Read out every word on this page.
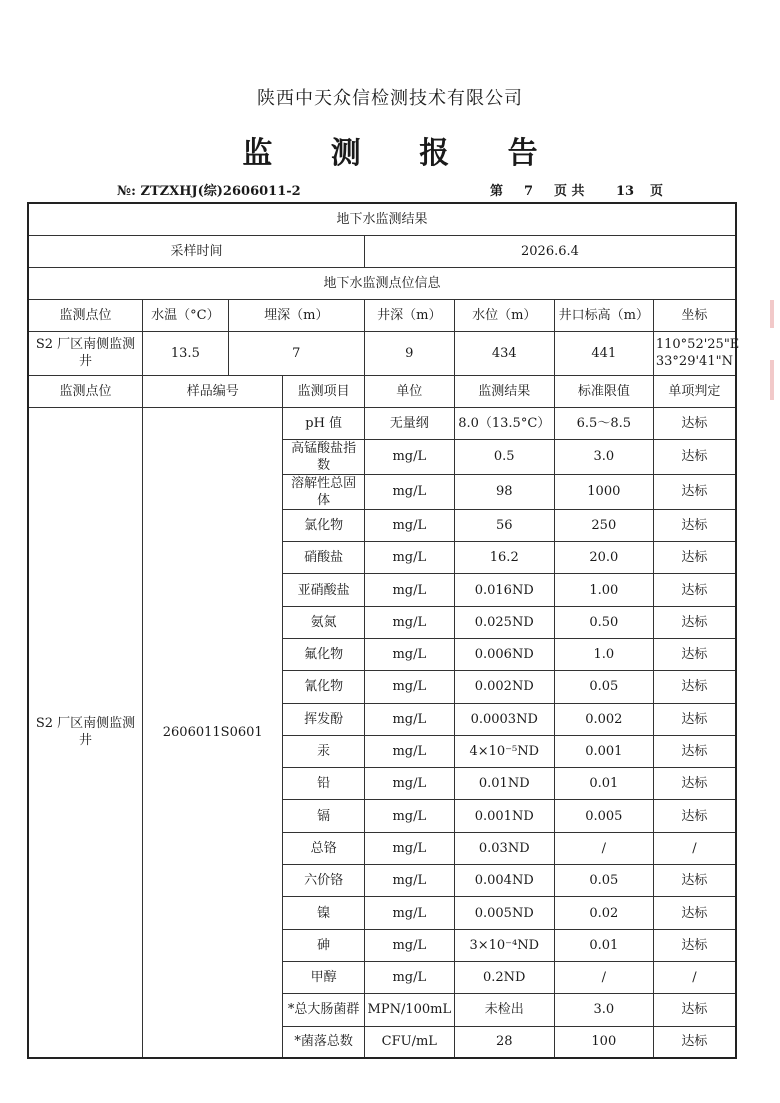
陕西中天众信检测技术有限公司
监 测 报 告
№: ZTZXHJ(综)2606011-2	第 7 页 共 13 页
地下水监测结果							
采样时间				2026.6.4			
地下水监测点位信息							
监测点位	水温（°C）	埋深（m）		井深（m）	水位（m）	井口标高（m）	坐标
S2 厂区南侧监测井	13.5	7		9	434	441	110°52'25"E
33°29'41"N

监测点位	样品编号		监测项目	单位	监测结果	标准限值	单项判定
S2 厂区南侧监测井	2606011S0601		pH 值	无量纲	8.0（13.5°C）	6.5～8.5	达标
			高锰酸盐指数	mg/L	0.5	3.0	达标
			溶解性总固体	mg/L	98	1000	达标
			氯化物	mg/L	56	250	达标
			硝酸盐	mg/L	16.2	20.0	达标
			亚硝酸盐	mg/L	0.016ND	1.00	达标
			氨氮	mg/L	0.025ND	0.50	达标
			氟化物	mg/L	0.006ND	1.0	达标
			氰化物	mg/L	0.002ND	0.05	达标
			挥发酚	mg/L	0.0003ND	0.002	达标
			汞	mg/L	4×10⁻⁵ND	0.001	达标
			铅	mg/L	0.01ND	0.01	达标
			镉	mg/L	0.001ND	0.005	达标
			总铬	mg/L	0.03ND	/	/
			六价铬	mg/L	0.004ND	0.05	达标
			镍	mg/L	0.005ND	0.02	达标
			砷	mg/L	3×10⁻⁴ND	0.01	达标
			甲醇	mg/L	0.2ND	/	/
			*总大肠菌群	MPN/100mL	未检出	3.0	达标
			*菌落总数	CFU/mL	28	100	达标
